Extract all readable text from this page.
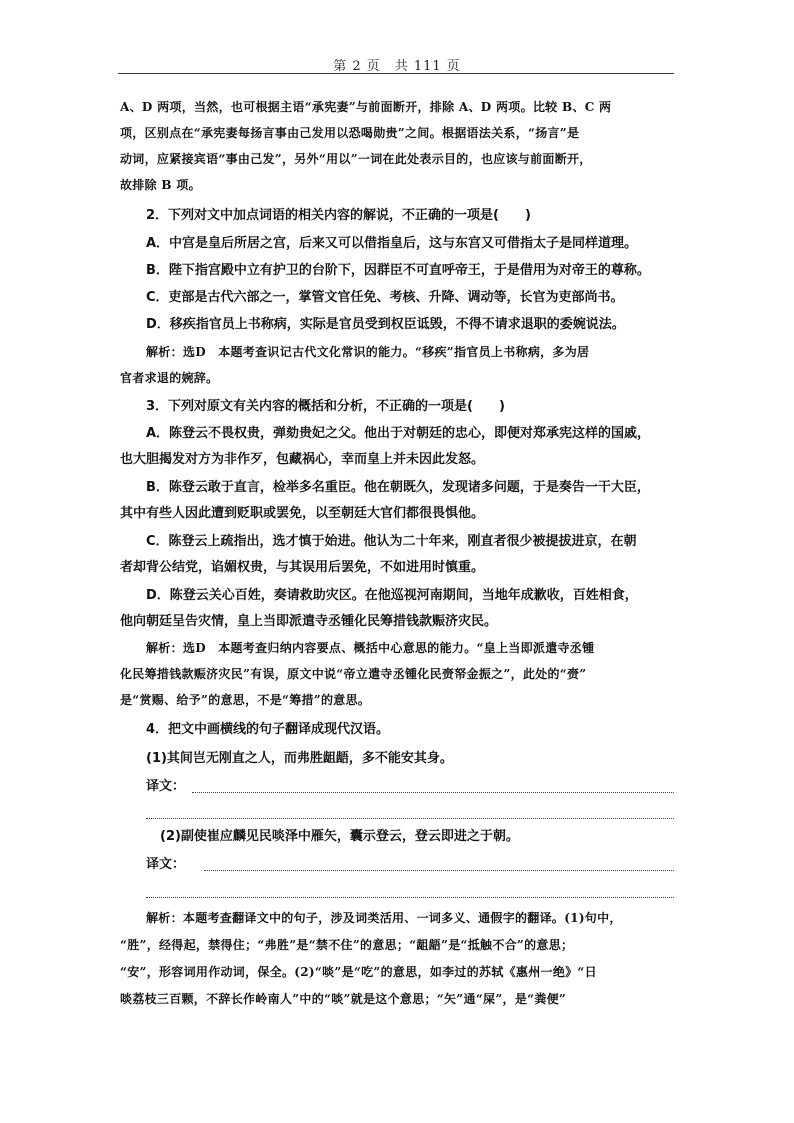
第 2 页　共 111 页
A、D 两项，当然，也可根据主语“承宪妻”与前面断开，排除 A、D 两项。比较 B、C 两
项，区别点在“承宪妻每扬言事由己发用以恐喝勋贵”之间。根据语法关系，“扬言”是
动词，应紧接宾语“事由己发”，另外“用以”一词在此处表示目的，也应该与前面断开，
故排除 B 项。
2．下列对文中加点词语的相关内容的解说，不正确的一项是(　　)
A．中宫是皇后所居之宫，后来又可以借指皇后，这与东宫又可借指太子是同样道理。
B．陛下指宫殿中立有护卫的台阶下，因群臣不可直呼帝王，于是借用为对帝王的尊称。
C．吏部是古代六部之一，掌管文官任免、考核、升降、调动等，长官为吏部尚书。
D．移疾指官员上书称病，实际是官员受到权臣诋毁，不得不请求退职的委婉说法。
解析：选D　本题考查识记古代文化常识的能力。“移疾”指官员上书称病，多为居
官者求退的婉辞。
3．下列对原文有关内容的概括和分析，不正确的一项是(　　)
A．陈登云不畏权贵，弹劾贵妃之父。他出于对朝廷的忠心，即便对郑承宪这样的国戚，
也大胆揭发对方为非作歹，包藏祸心，幸而皇上并未因此发怒。
B．陈登云敢于直言，检举多名重臣。他在朝既久，发现诸多问题，于是奏告一干大臣，
其中有些人因此遭到贬职或罢免，以至朝廷大官们都很畏惧他。
C．陈登云上疏指出，选才慎于始进。他认为二十年来，刚直者很少被提拔进京，在朝
者却背公结党，谄媚权贵，与其误用后罢免，不如进用时慎重。
D．陈登云关心百姓，奏请救助灾区。在他巡视河南期间，当地年成歉收，百姓相食，
他向朝廷呈告灾情，皇上当即派遣寺丞锺化民筹措钱款赈济灾民。
解析：选D　本题考查归纳内容要点、概括中心意思的能力。“皇上当即派遣寺丞锺
化民筹措钱款赈济灾民”有误，原文中说“帝立遣寺丞锺化民赍帑金振之”，此处的“赍”
是“赏赐、给予”的意思，不是“筹措”的意思。
4．把文中画横线的句子翻译成现代汉语。
(1)其间岂无刚直之人，而弗胜龃龉，多不能安其身。
译文：
(2)副使崔应麟见民啖泽中雁矢，囊示登云，登云即进之于朝。
译文：
解析：本题考查翻译文中的句子，涉及词类活用、一词多义、通假字的翻译。(1)句中，
“胜”，经得起，禁得住；“弗胜”是“禁不住”的意思；“龃龉”是“抵触不合”的意思；
“安”，形容词用作动词，保全。(2)“啖”是“吃”的意思，如李过的苏轼《惠州一绝》“日
啖荔枝三百颗，不辞长作岭南人”中的“啖”就是这个意思；“矢”通“屎”，是“粪便”
